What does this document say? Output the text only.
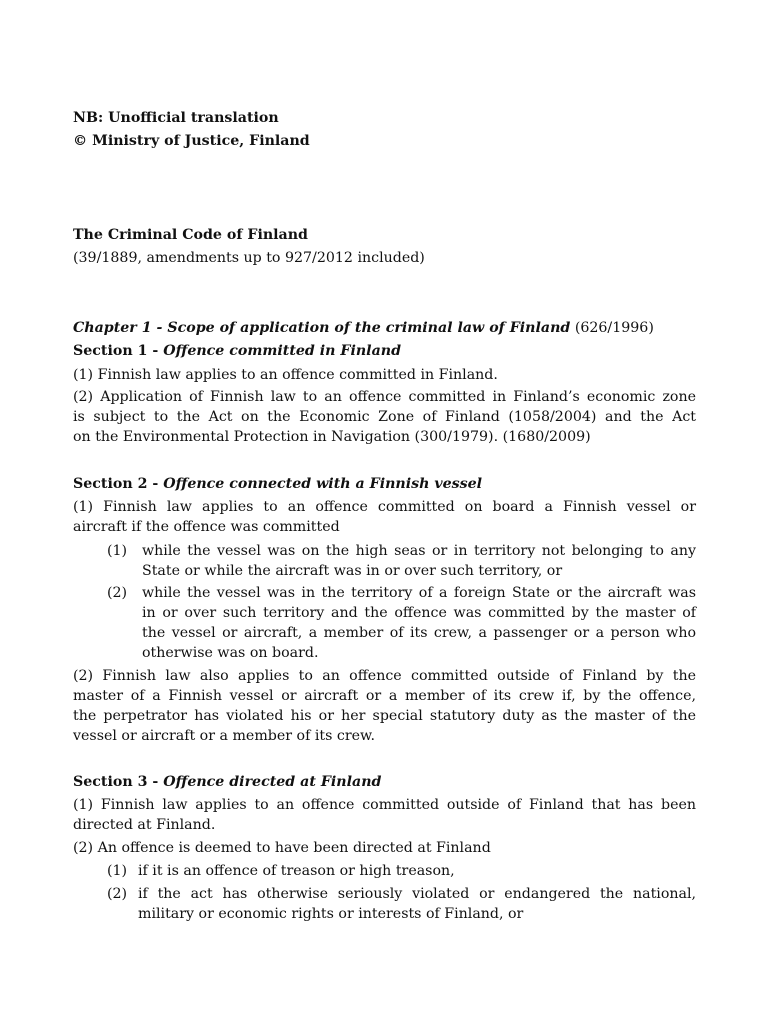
NB: Unofficial translation
© Ministry of Justice, Finland
The Criminal Code of Finland
(39/1889, amendments up to 927/2012 included)
Chapter 1 - Scope of application of the criminal law of Finland (626/1996)
Section 1 - Offence committed in Finland
(1) Finnish law applies to an offence committed in Finland.
(2) Application of Finnish law to an offence committed in Finland’s economic zone
is subject to the Act on the Economic Zone of Finland (1058/2004) and the Act
on the Environmental Protection in Navigation (300/1979). (1680/2009)
Section 2 - Offence connected with a Finnish vessel
(1) Finnish law applies to an offence committed on board a Finnish vessel or
aircraft if the offence was committed
(1) while the vessel was on the high seas or in territory not belonging to any
State or while the aircraft was in or over such territory, or
(2) while the vessel was in the territory of a foreign State or the aircraft was
in or over such territory and the offence was committed by the master of
the vessel or aircraft, a member of its crew, a passenger or a person who
otherwise was on board.
(2) Finnish law also applies to an offence committed outside of Finland by the
master of a Finnish vessel or aircraft or a member of its crew if, by the offence,
the perpetrator has violated his or her special statutory duty as the master of the
vessel or aircraft or a member of its crew.
Section 3 - Offence directed at Finland
(1) Finnish law applies to an offence committed outside of Finland that has been
directed at Finland.
(2) An offence is deemed to have been directed at Finland
(1) if it is an offence of treason or high treason,
(2) if the act has otherwise seriously violated or endangered the national,
military or economic rights or interests of Finland, or
